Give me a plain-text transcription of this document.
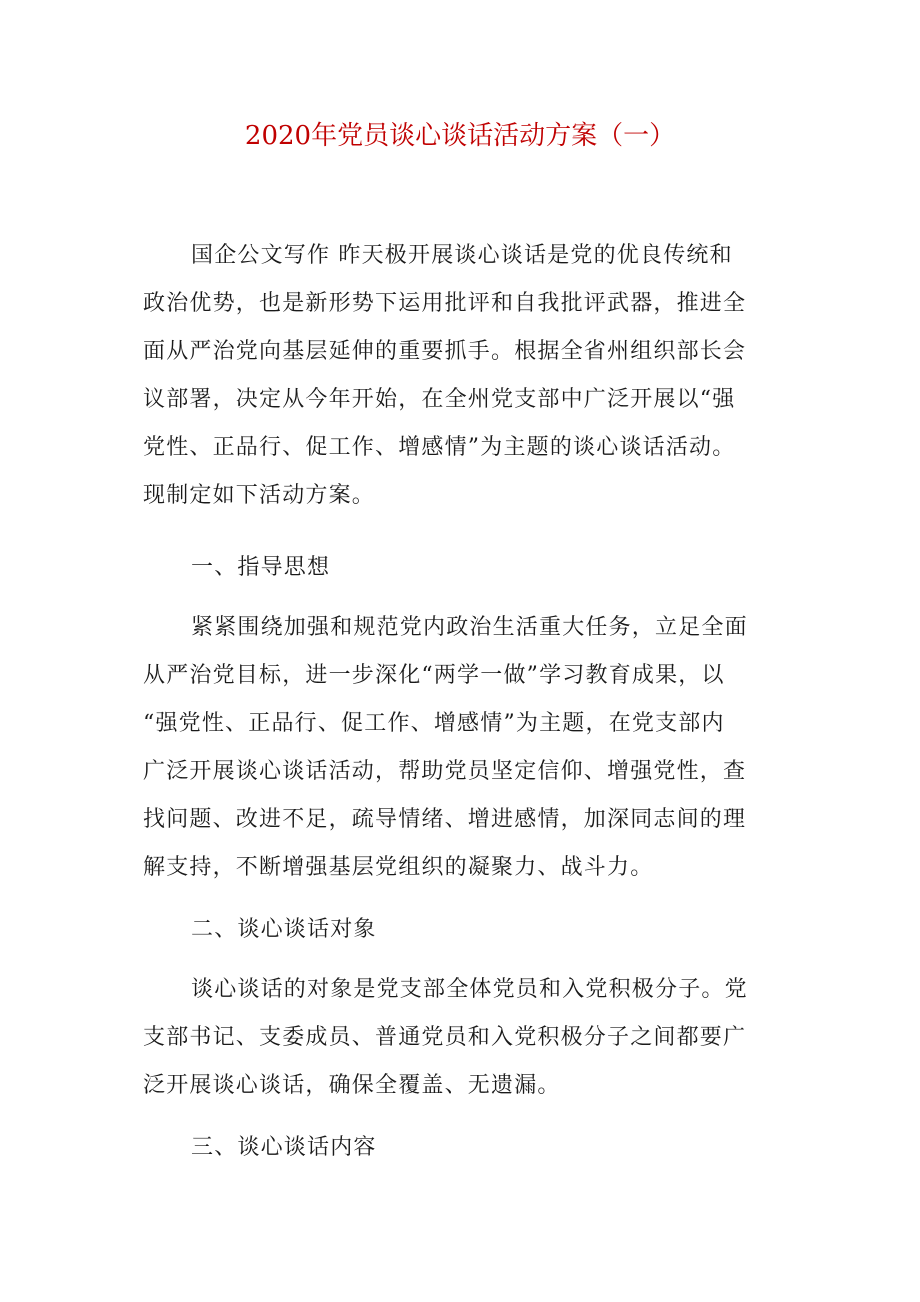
2020年党员谈心谈话活动方案（一）
国企公文写作 昨天极开展谈心谈话是党的优良传统和
政治优势，也是新形势下运用批评和自我批评武器，推进全
面从严治党向基层延伸的重要抓手。根据全省州组织部长会
议部署，决定从今年开始，在全州党支部中广泛开展以“强
党性、正品行、促工作、增感情”为主题的谈心谈话活动。
现制定如下活动方案。
一、指导思想
紧紧围绕加强和规范党内政治生活重大任务，立足全面
从严治党目标，进一步深化“两学一做”学习教育成果，以
“强党性、正品行、促工作、增感情”为主题，在党支部内
广泛开展谈心谈话活动，帮助党员坚定信仰、增强党性，查
找问题、改进不足，疏导情绪、增进感情，加深同志间的理
解支持，不断增强基层党组织的凝聚力、战斗力。
二、谈心谈话对象
谈心谈话的对象是党支部全体党员和入党积极分子。党
支部书记、支委成员、普通党员和入党积极分子之间都要广
泛开展谈心谈话，确保全覆盖、无遗漏。
三、谈心谈话内容
